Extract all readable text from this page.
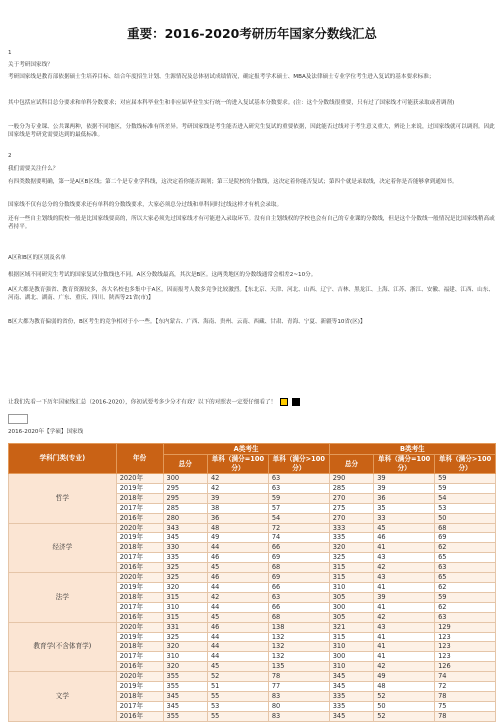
重要：2016-2020考研历年国家分数线汇总
1
关于考研国家线？
考研国家线是教育部依据硕士生培养目标、结合年度招生计划、生源情况及总体初试成绩情况，确定报考学术硕士、MBA及法律硕士专业学位考生进入复试的基本要求标准；
其中包括应试科目总分要求和单科分数要求；对应届本科毕业生和非应届毕业生实行统一的进入复试基本分数要求。(注：这个分数线很重要，只有过了国家线才可能获录取或者调剂)
一般分为专业课、公共课两种，依据不同地区，分数线标准有所差异。考研国家线是考生能否进入研究生复试的重要依据，因此能否过线对于考生意义重大，辨论上来说，过国家线就可以调剂。因此国家线是考研党需要达到的最低标准。
2
我们需要关注什么？
有四类数据要明确，第一是A区B区线；第二个是专业学科线，这决定着你能否调剂；第三是院校的分数线，这决定着你能否复试；第四个就是录取线，决定着你是否能够拿到通知书。
国家线不仅有总分的分数线要求还有单科的分数线要求，大家必须总分过线和单科同时过线这样才有机会录取。
还有一些自主划线的院校一般是比国家线要高的，所以大家必须先过国家线才有可能进入录取环节。没有自主划线权的学校也会有自己的专业课的分数线，但是这个分数线一般情况是比国家线稍高或者持平。
A区和B区的区别及名单
根据区域不同研究生考试的国家复试分数线也不同。A区分数线最高，其次是B区。这两类地区的分数线通常会相差2~10分。
A区大都是教育强省、教育资源较多，各大名校也多集中于A区，因而报考人数多竞争比较激烈。【东北京、天津、河北、山西、辽宁、吉林、黑龙江、上海、江苏、浙江、安徽、福建、江西、山东、河南、湖北、湖南、广东、重庆、四川、陕西等21省(市)】
B区大都为教育偏弱的省份，B区考生的竞争相对于小一些。【东内蒙古、广西、海南、贵州、云南、西藏、甘肃、青海、宁夏、新疆等10省(区)】
让我们先看一下历年国家线汇总（2016-2020），你初试要考多少分才有戏？以下的对照表一定要仔细看了！
2016-2020年【学硕】国家线
学科门类(专业)	年份	A类考生			B类考生		
		总分	单科（满分=100分）	单科（满分>100分）	总分	单科（满分=100分）	单科（满分>100分）
哲学	2020年	300	42	63	290	39	59
	2019年	295	42	63	285	39	59
	2018年	295	39	59	270	36	54
	2017年	285	38	57	275	35	53
	2016年	280	36	54	270	33	50
经济学	2020年	343	48	72	333	45	68
	2019年	345	49	74	335	46	69
	2018年	330	44	66	320	41	62
	2017年	335	46	69	325	43	65
	2016年	325	45	68	315	42	63
法学	2020年	325	46	69	315	43	65
	2019年	320	44	66	310	41	62
	2018年	315	42	63	305	39	59
	2017年	310	44	66	300	41	62
	2016年	315	45	68	305	42	63
教育学(不含体育学)	2020年	331	46	138	321	43	129
	2019年	325	44	132	315	41	123
	2018年	320	44	132	310	41	123
	2017年	310	44	132	300	41	123
	2016年	320	45	135	310	42	126
文学	2020年	355	52	78	345	49	74
	2019年	355	51	77	345	48	72
	2018年	345	55	83	335	52	78
	2017年	345	53	80	335	50	75
	2016年	355	55	83	345	52	78
